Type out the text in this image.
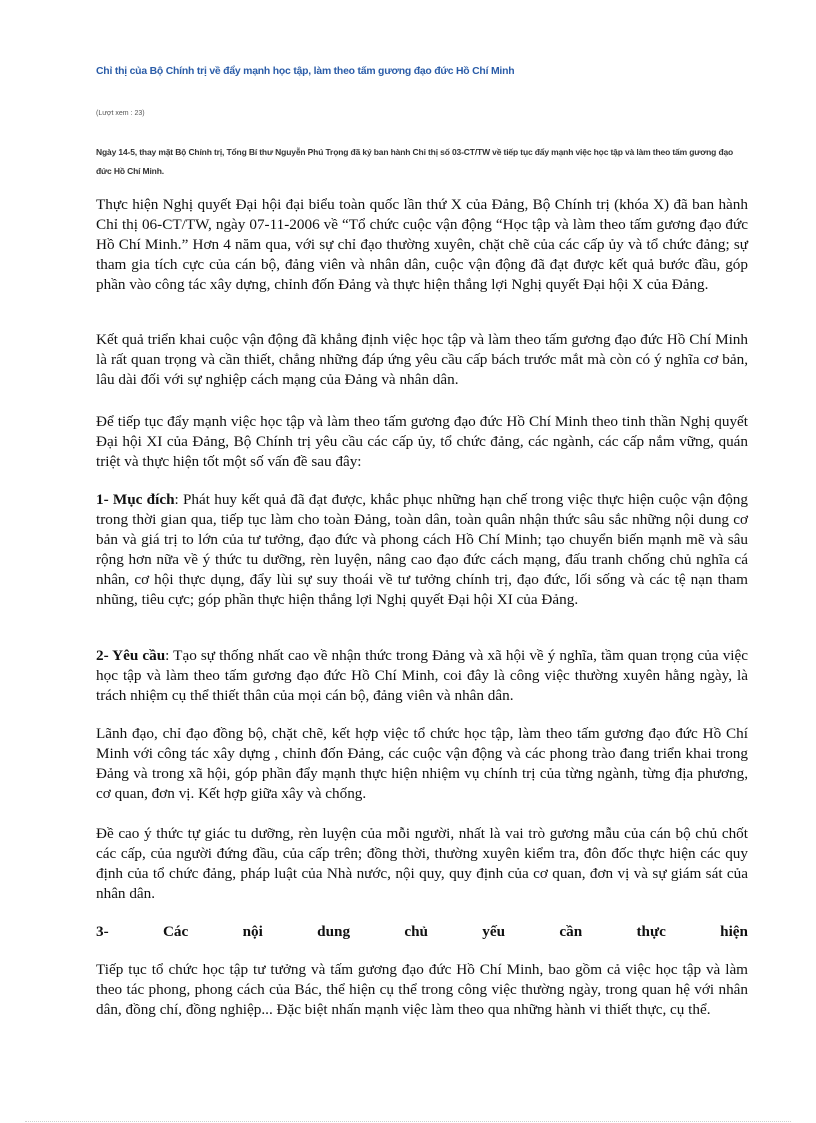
Chỉ thị của Bộ Chính trị về đẩy mạnh học tập, làm theo tấm gương đạo đức Hồ Chí Minh
(Lượt xem : 23)
Ngày 14-5, thay mặt Bộ Chính trị, Tổng Bí thư Nguyễn Phú Trọng đã ký ban hành Chỉ thị số 03-CT/TW về tiếp tục đẩy mạnh việc học tập và làm theo tấm gương đạo đức Hồ Chí Minh.
Thực hiện Nghị quyết Đại hội đại biểu toàn quốc lần thứ X của Đảng, Bộ Chính trị (khóa X) đã ban hành Chỉ thị 06-CT/TW, ngày 07-11-2006 về “Tổ chức cuộc vận động “Học tập và làm theo tấm gương đạo đức Hồ Chí Minh.” Hơn 4 năm qua, với sự chỉ đạo thường xuyên, chặt chẽ của các cấp ủy và tổ chức đảng; sự tham gia tích cực của cán bộ, đảng viên và nhân dân, cuộc vận động đã đạt được kết quả bước đầu, góp phần vào công tác xây dựng, chỉnh đốn Đảng và thực hiện thắng lợi Nghị quyết Đại hội X của Đảng.
Kết quả triển khai cuộc vận động đã khẳng định việc học tập và làm theo tấm gương đạo đức Hồ Chí Minh là rất quan trọng và cần thiết, chẳng những đáp ứng yêu cầu cấp bách trước mắt mà còn có ý nghĩa cơ bản, lâu dài đối với sự nghiệp cách mạng của Đảng và nhân dân.
Để tiếp tục đẩy mạnh việc học tập và làm theo tấm gương đạo đức Hồ Chí Minh theo tinh thần Nghị quyết Đại hội XI của Đảng, Bộ Chính trị yêu cầu các cấp ủy, tổ chức đảng, các ngành, các cấp nắm vững, quán triệt và thực hiện tốt một số vấn đề sau đây:
1- Mục đích: Phát huy kết quả đã đạt được, khắc phục những hạn chế trong việc thực hiện cuộc vận động trong thời gian qua, tiếp tục làm cho toàn Đảng, toàn dân, toàn quân nhận thức sâu sắc những nội dung cơ bản và giá trị to lớn của tư tưởng, đạo đức và phong cách Hồ Chí Minh; tạo chuyển biến mạnh mẽ và sâu rộng hơn nữa về ý thức tu dưỡng, rèn luyện, nâng cao đạo đức cách mạng, đấu tranh chống chủ nghĩa cá nhân, cơ hội thực dụng, đẩy lùi sự suy thoái về tư tưởng chính trị, đạo đức, lối sống và các tệ nạn tham nhũng, tiêu cực; góp phần thực hiện thắng lợi Nghị quyết Đại hội XI của Đảng.
2- Yêu cầu: Tạo sự thống nhất cao về nhận thức trong Đảng và xã hội về ý nghĩa, tầm quan trọng của việc học tập và làm theo tấm gương đạo đức Hồ Chí Minh, coi đây là công việc thường xuyên hằng ngày, là trách nhiệm cụ thể thiết thân của mọi cán bộ, đảng viên và nhân dân.
Lãnh đạo, chỉ đạo đồng bộ, chặt chẽ, kết hợp việc tổ chức học tập, làm theo tấm gương đạo đức Hồ Chí Minh với công tác xây dựng , chỉnh đốn Đảng, các cuộc vận động và các phong trào đang triển khai trong Đảng và trong xã hội, góp phần đẩy mạnh thực hiện nhiệm vụ chính trị của từng ngành, từng địa phương, cơ quan, đơn vị. Kết hợp giữa xây và chống.
Đề cao ý thức tự giác tu dưỡng, rèn luyện của mỗi người, nhất là vai trò gương mẫu của cán bộ chủ chốt các cấp, của người đứng đầu, của cấp trên; đồng thời, thường xuyên kiểm tra, đôn đốc thực hiện các quy định của tổ chức đảng, pháp luật của Nhà nước, nội quy, quy định của cơ quan, đơn vị và sự giám sát của nhân dân.
3- Các nội dung chủ yếu cần thực hiện
Tiếp tục tổ chức học tập tư tưởng và tấm gương đạo đức Hồ Chí Minh, bao gồm cả việc học tập và làm theo tác phong, phong cách của Bác, thể hiện cụ thể trong công việc thường ngày, trong quan hệ với nhân dân, đồng chí, đồng nghiệp... Đặc biệt nhấn mạnh việc làm theo qua những hành vi thiết thực, cụ thể.
